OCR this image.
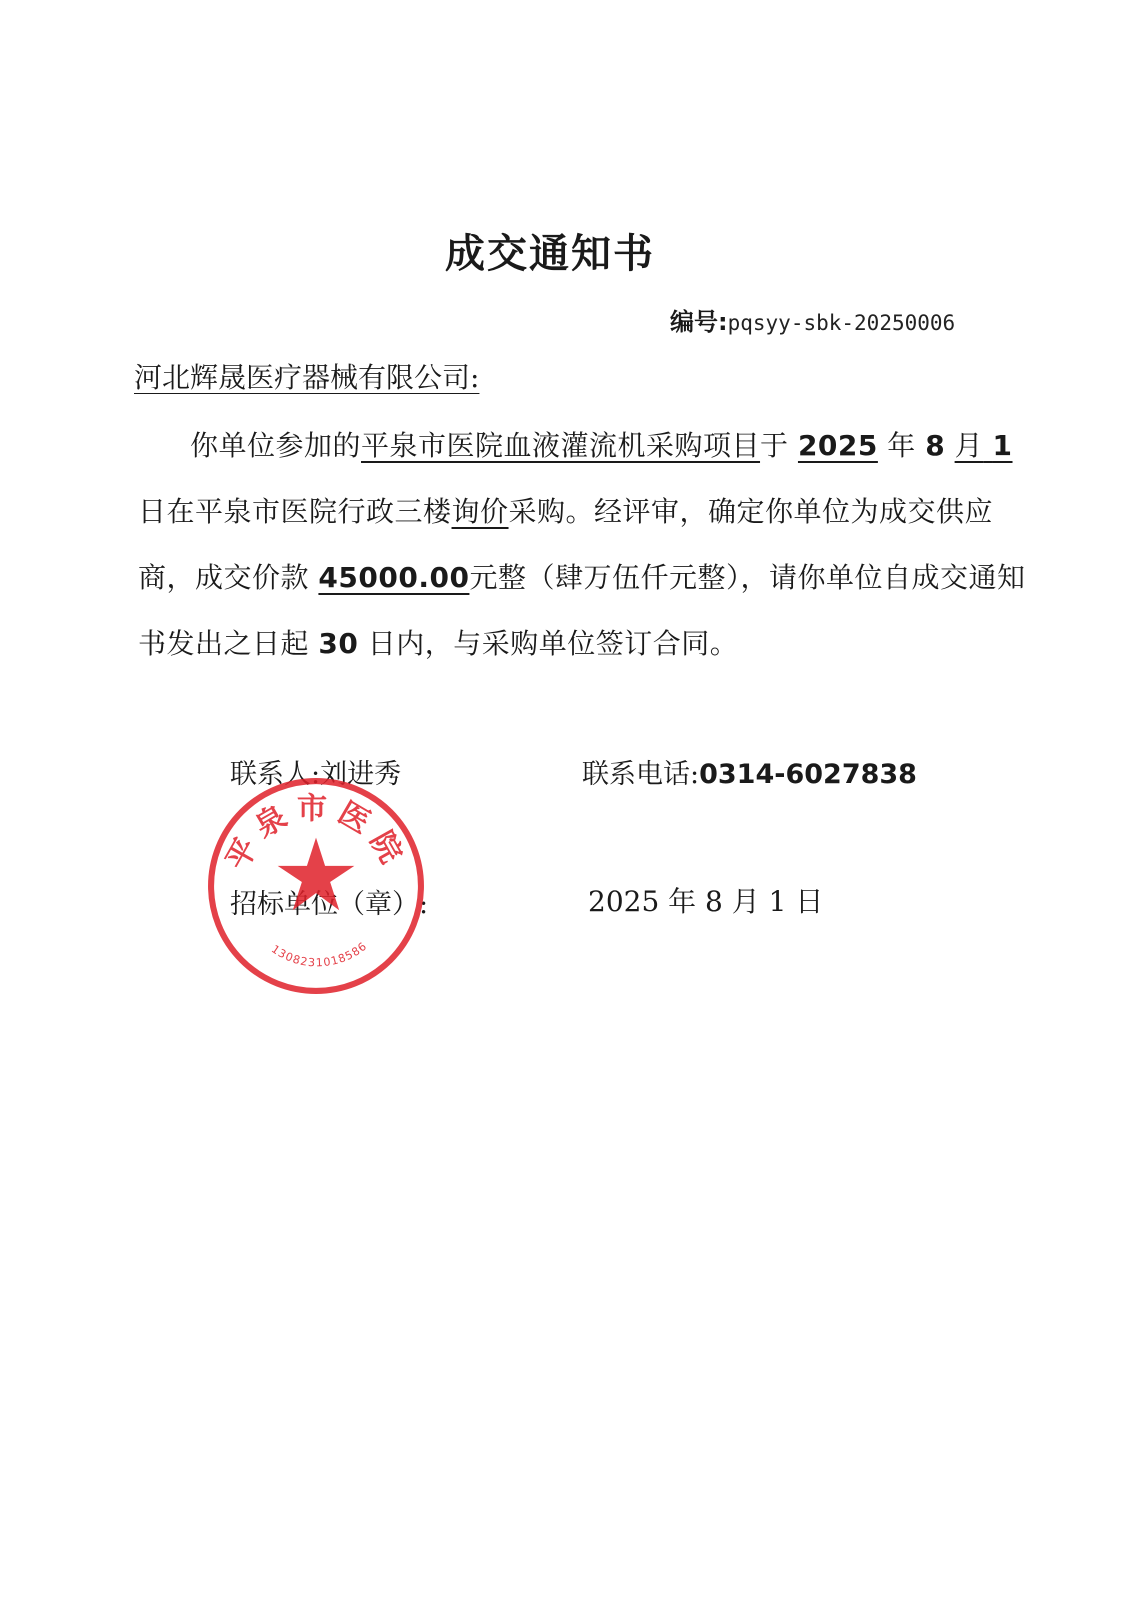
成交通知书
编号:pqsyy-sbk-20250006
河北辉晟医疗器械有限公司:
你单位参加的平泉市医院血液灌流机采购项目于 2025 年 8 月 1
日在平泉市医院行政三楼询价采购。经评审，确定你单位为成交供应
商，成交价款 45000.00元整（肆万伍仟元整），请你单位自成交通知
书发出之日起 30 日内，与采购单位签订合同。
联系人:刘进秀	联系电话:0314-6027838
招标单位（章）:	2025 年 8 月 1 日
平泉市医院
1308231018586
